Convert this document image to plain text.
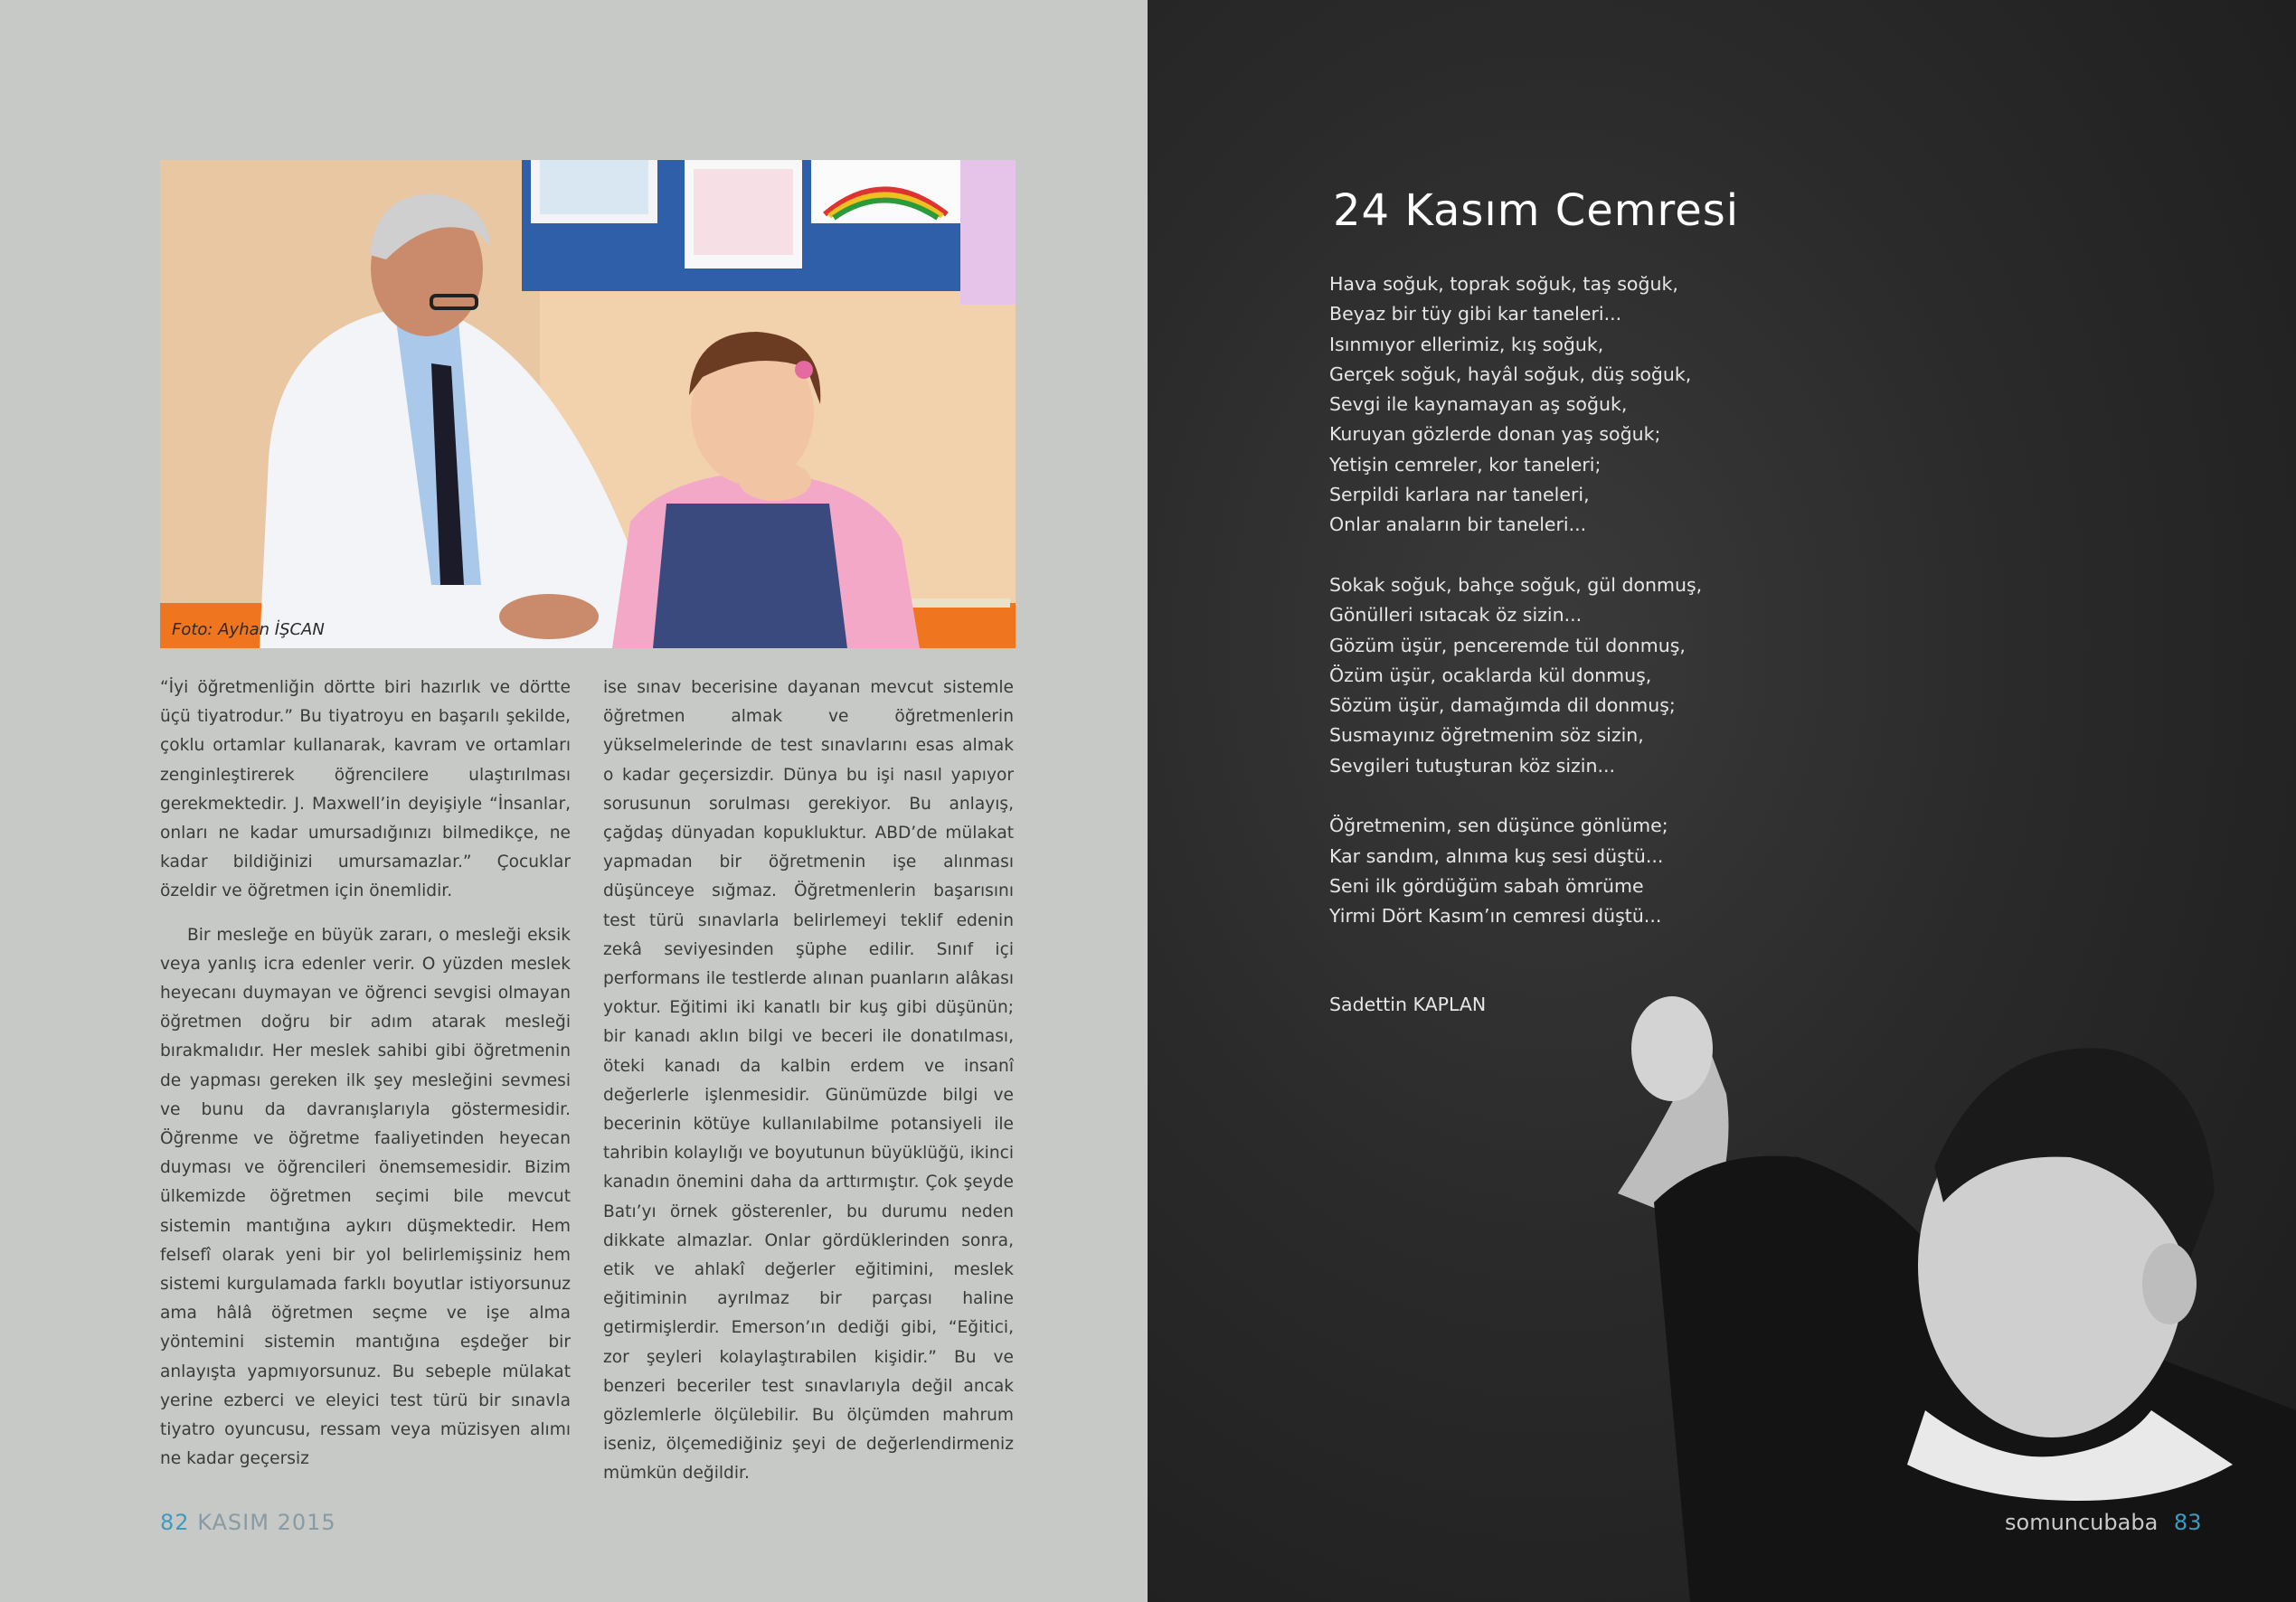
Foto: Ayhan İŞCAN

“İyi öğretmenliğin dörtte biri hazırlık ve dörtte üçü tiyatrodur.” Bu tiyatroyu en başarılı şekilde, çoklu ortamlar kullanarak, kavram ve ortamları zenginleştirerek öğrencilere ulaştırılması gerekmektedir. J. Maxwell’in deyişiyle “İnsanlar, onları ne kadar umursadığınızı bilmedikçe, ne kadar bildiğinizi umursamazlar.” Çocuklar özeldir ve öğretmen için önemlidir.

Bir mesleğe en büyük zararı, o mesleği eksik veya yanlış icra edenler verir. O yüzden meslek heyecanı duymayan ve öğrenci sevgisi olmayan öğretmen doğru bir adım atarak mesleği bırakmalıdır. Her meslek sahibi gibi öğretmenin de yapması gereken ilk şey mesleğini sevmesi ve bunu da davranışlarıyla göstermesidir. Öğrenme ve öğretme faaliyetinden heyecan duyması ve öğrencileri önemsemesidir. Bizim ülkemizde öğretmen seçimi bile mevcut sistemin mantığına aykırı düşmektedir. Hem felsefî olarak yeni bir yol belirlemişsiniz hem sistemi kurgulamada farklı boyutlar istiyorsunuz ama hâlâ öğretmen seçme ve işe alma yöntemini sistemin mantığına eşdeğer bir anlayışta yapmıyorsunuz. Bu sebeple mülakat yerine ezberci ve eleyici test türü bir sınavla tiyatro oyuncusu, ressam veya müzisyen alımı ne kadar geçersiz

ise sınav becerisine dayanan mevcut sistemle öğretmen almak ve öğretmenlerin yükselmelerinde de test sınavlarını esas almak o kadar geçersizdir. Dünya bu işi nasıl yapıyor sorusunun sorulması gerekiyor. Bu anlayış, çağdaş dünyadan kopukluktur. ABD’de mülakat yapmadan bir öğretmenin işe alınması düşünceye sığmaz. Öğretmenlerin başarısını test türü sınavlarla belirlemeyi teklif edenin zekâ seviyesinden şüphe edilir. Sınıf içi performans ile testlerde alınan puanların alâkası yoktur. Eğitimi iki kanatlı bir kuş gibi düşünün; bir kanadı aklın bilgi ve beceri ile donatılması, öteki kanadı da kalbin erdem ve insanî değerlerle işlenmesidir. Günümüzde bilgi ve becerinin kötüye kullanılabilme potansiyeli ile tahribin kolaylığı ve boyutunun büyüklüğü, ikinci kanadın önemini daha da arttırmıştır. Çok şeyde Batı’yı örnek gösterenler, bu durumu neden dikkate almazlar. Onlar gördüklerinden sonra, etik ve ahlakî değerler eğitimini, meslek eğitiminin ayrılmaz bir parçası haline getirmişlerdir. Emerson’ın dediği gibi, “Eğitici, zor şeyleri kolaylaştırabilen kişidir.” Bu ve benzeri beceriler test sınavlarıyla değil ancak gözlemlerle ölçülebilir. Bu ölçümden mahrum iseniz, ölçemediğiniz şeyi de değerlendirmeniz mümkün değildir.

82 KASIM 2015
24 Kasım Cemresi
Hava soğuk, toprak soğuk, taş soğuk,
Beyaz bir tüy gibi kar taneleri...
Isınmıyor ellerimiz, kış soğuk,
Gerçek soğuk, hayâl soğuk, düş soğuk,
Sevgi ile kaynamayan aş soğuk,
Kuruyan gözlerde donan yaş soğuk;
Yetişin cemreler, kor taneleri;
Serpildi karlara nar taneleri,
Onlar anaların bir taneleri...
Sokak soğuk, bahçe soğuk, gül donmuş,
Gönülleri ısıtacak öz sizin...
Gözüm üşür, penceremde tül donmuş,
Özüm üşür, ocaklarda kül donmuş,
Sözüm üşür, damağımda dil donmuş;
Susmayınız öğretmenim söz sizin,
Sevgileri tutuşturan köz sizin...
Öğretmenim, sen düşünce gönlüme;
Kar sandım, alnıma kuş sesi düştü...
Seni ilk gördüğüm sabah ömrüme
Yirmi Dört Kasım’ın cemresi düştü...
Sadettin KAPLAN
somuncubaba 83
